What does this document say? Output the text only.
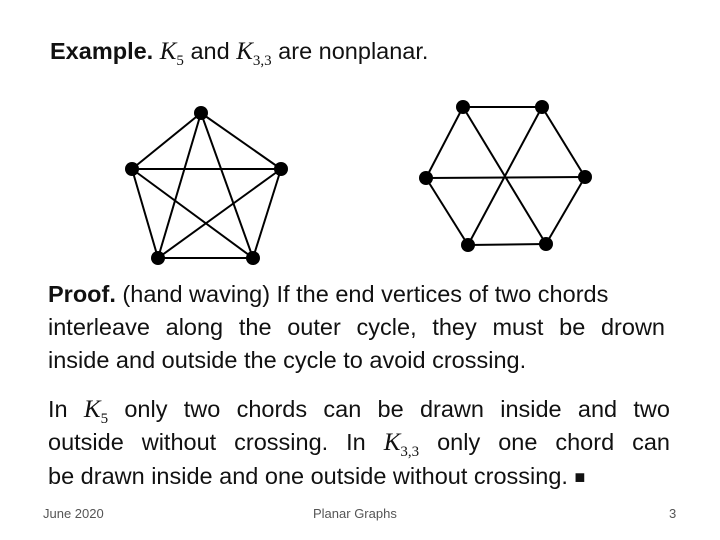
Example. $K_5$ and $K_{3,3}$ are nonplanar.
Proof. (hand waving) If the end vertices of two chords
interleave along the outer cycle, they must be drown
inside and outside the cycle to avoid crossing.
In $K_5$ only two chords can be drawn inside and two
outside without crossing. In $K_{3,3}$ only one chord can
be drawn inside and one outside without crossing. ■
June 2020	Planar Graphs	3
